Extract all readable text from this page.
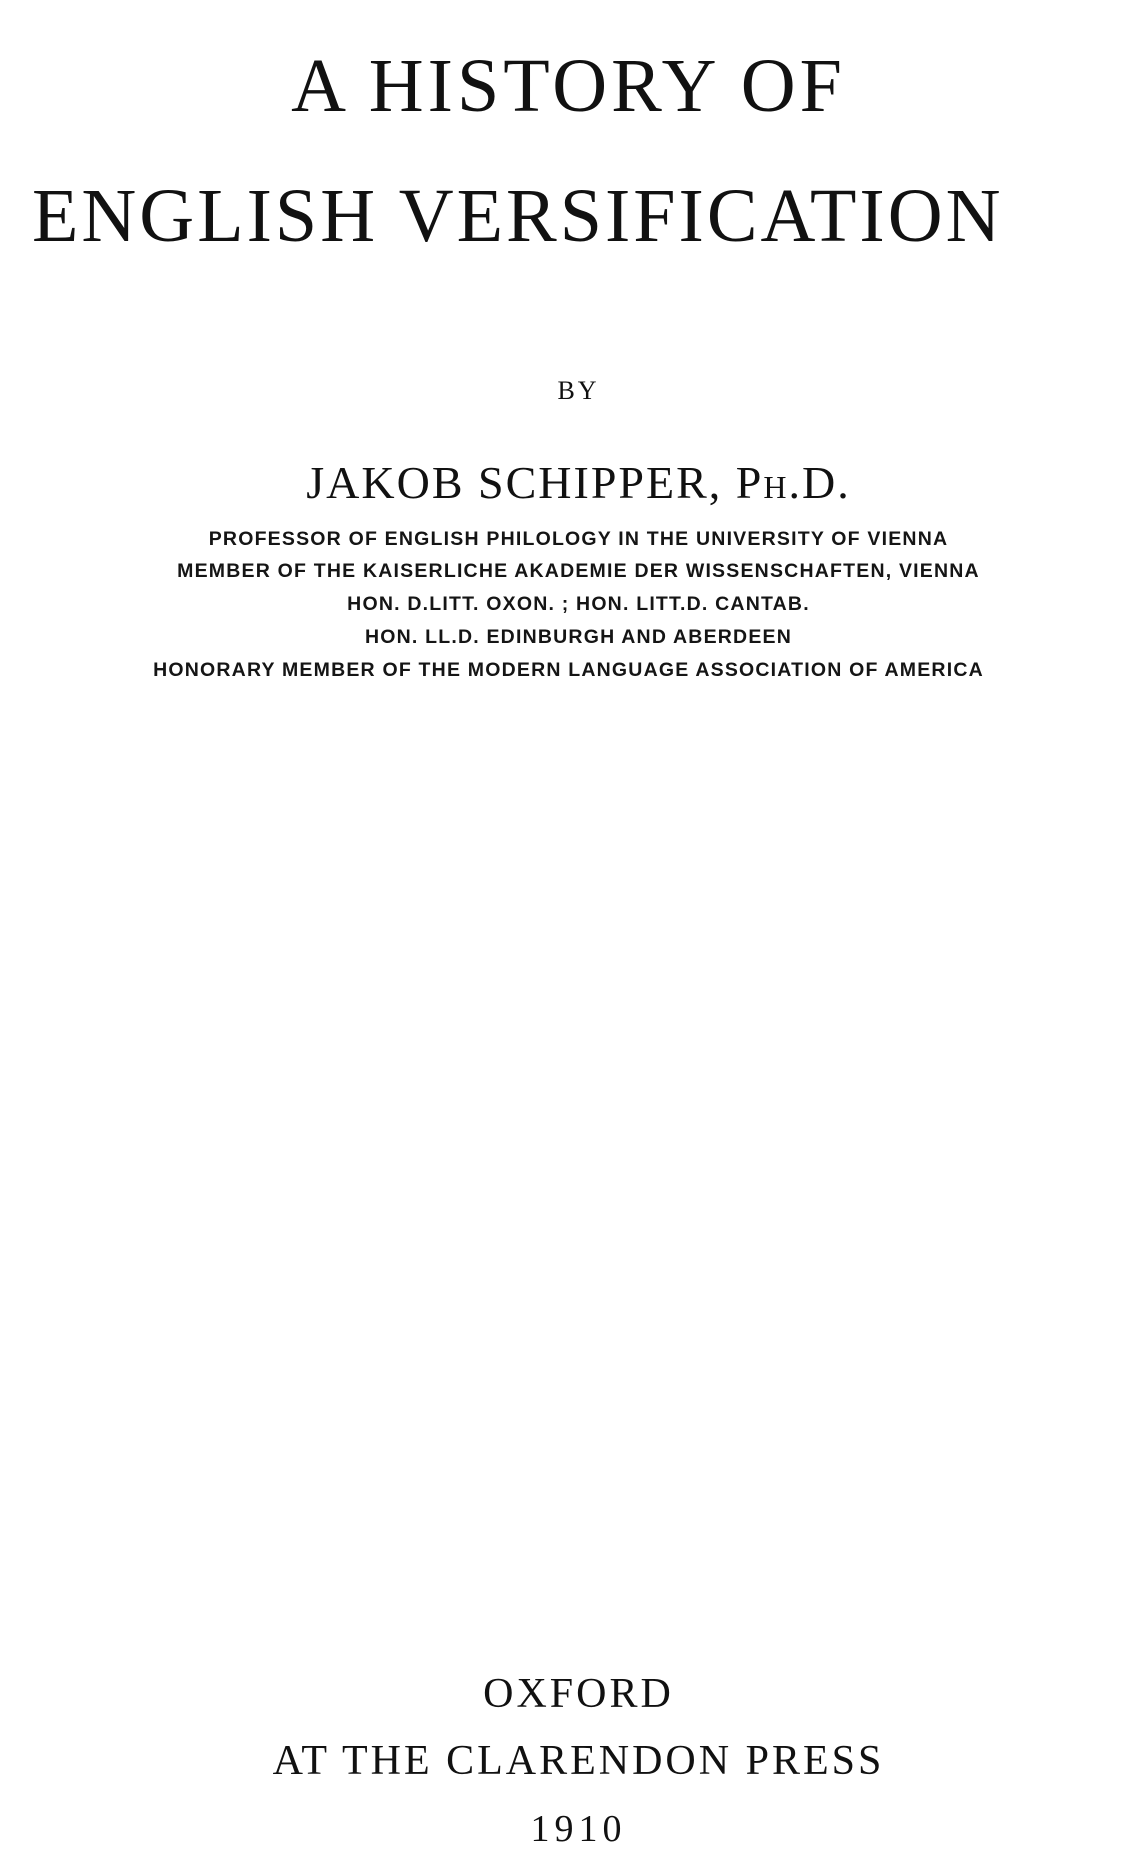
A HISTORY OF
ENGLISH VERSIFICATION
BY
JAKOB SCHIPPER, Ph.D.
PROFESSOR OF ENGLISH PHILOLOGY IN THE UNIVERSITY OF VIENNA
MEMBER OF THE KAISERLICHE AKADEMIE DER WISSENSCHAFTEN, VIENNA
HON. D.LITT. OXON. ; HON. LITT.D. CANTAB.
HON. LL.D. EDINBURGH AND ABERDEEN
HONORARY MEMBER OF THE MODERN LANGUAGE ASSOCIATION OF AMERICA
OXFORD
AT THE CLARENDON PRESS
1910
